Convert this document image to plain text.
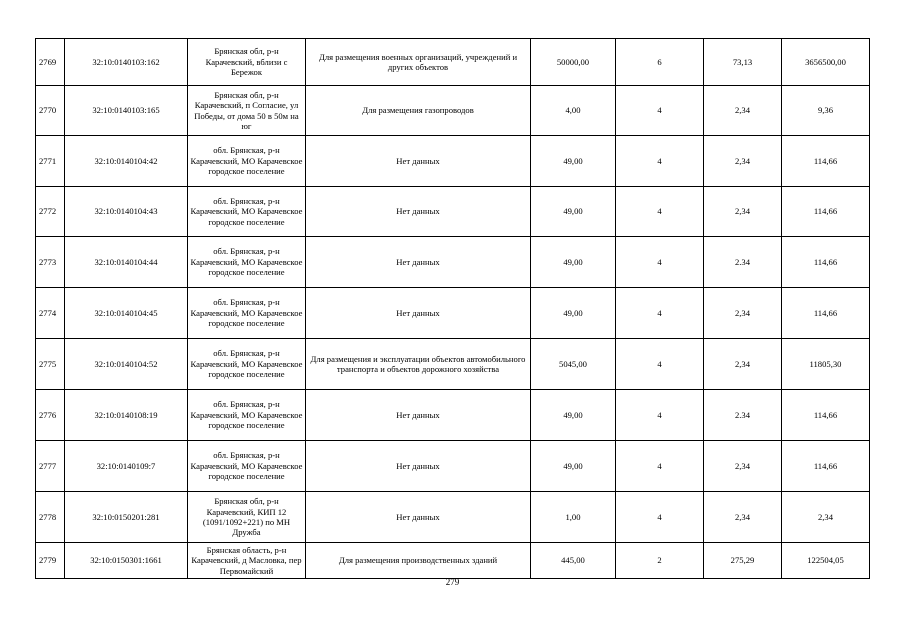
2769	32:10:0140103:162	Брянская обл, р-н Карачевский, вблизи с Бережок	Для размещения военных организаций, учреждений и других объектов	50000,00	6	73,13	3656500,00
2770	32:10:0140103:165	Брянская обл, р-н Карачевский, п Согласие, ул Победы, от дома 50 в 50м на юг	Для размещения газопроводов	4,00	4	2,34	9,36
2771	32:10:0140104:42	обл. Брянская, р-н Карачевский, МО Карачевское городское поселение	Нет данных	49,00	4	2,34	114,66
2772	32:10:0140104:43	обл. Брянская, р-н Карачевский, МО Карачевское городское поселение	Нет данных	49,00	4	2,34	114,66
2773	32:10:0140104:44	обл. Брянская, р-н Карачевский, МО Карачевское городское поселение	Нет данных	49,00	4	2.34	114,66
2774	32:10:0140104:45	обл. Брянская, р-н Карачевский, МО Карачевское городское поселение	Нет данных	49,00	4	2,34	114,66
2775	32:10:0140104:52	обл. Брянская, р-н Карачевский, МО Карачевское городское поселение	Для размещения и эксплуатации объектов автомобильного транспорта и объектов дорожного хозяйства	5045,00	4	2,34	11805,30
2776	32:10:0140108:19	обл. Брянская, р-н Карачевский, МО Карачевское городское поселение	Нет данных	49,00	4	2.34	114,66
2777	32:10:0140109:7	обл. Брянская, р-н Карачевский, МО Карачевское городское поселение	Нет данных	49,00	4	2,34	114,66
2778	32:10:0150201:281	Брянская обл, р-н Карачевский, КИП 12 (1091/1092+221) по МН Дружба	Нет данных	1,00	4	2,34	2,34
2779	32:10:0150301:1661	Брянская область, р-н Карачевский, д Масловка, пер Первомайский	Для размещения производственных зданий	445,00	2	275,29	122504,05
279
